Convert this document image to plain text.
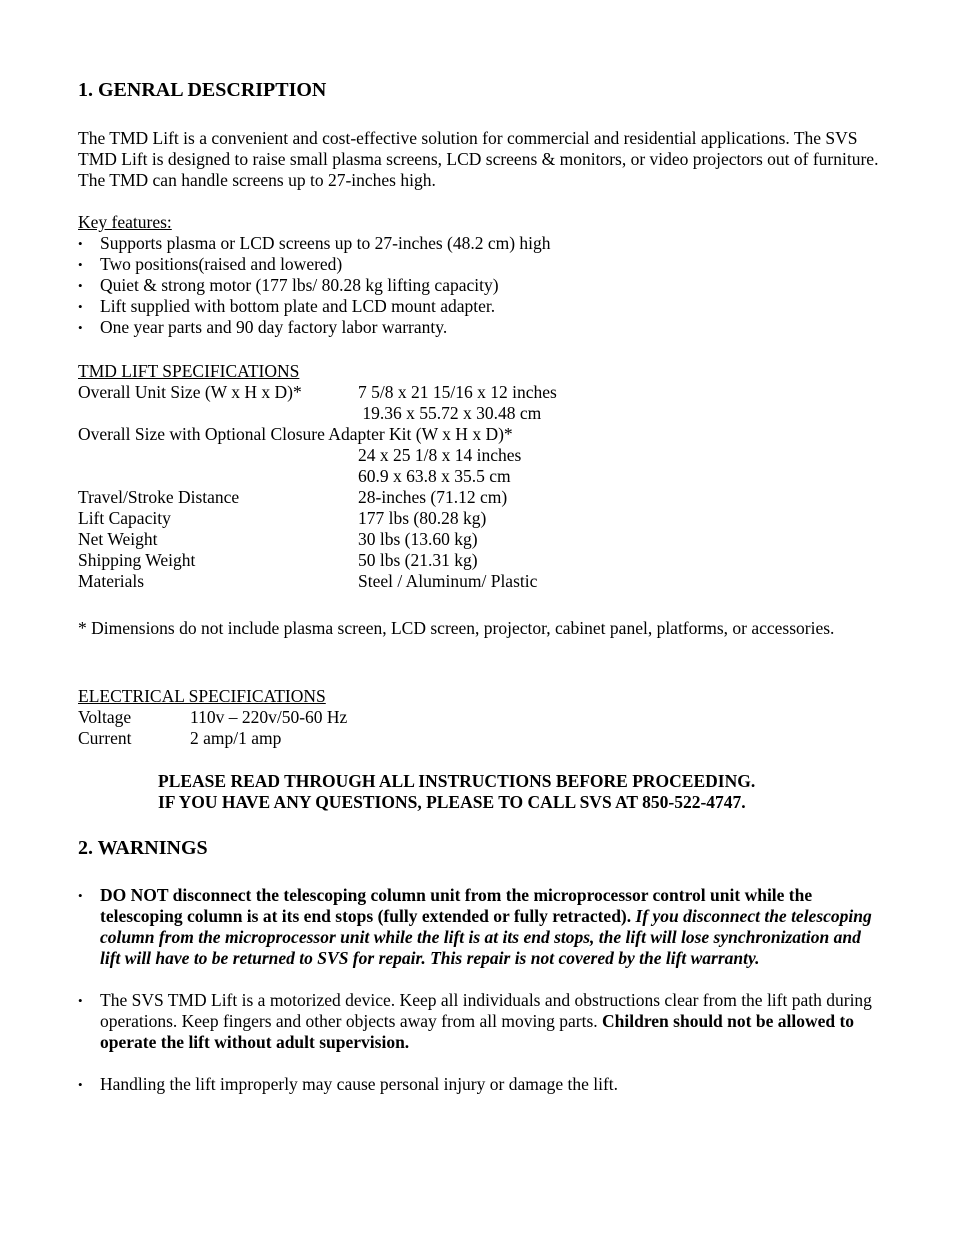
1. GENRAL DESCRIPTION

The TMD Lift is a convenient and cost-effective solution for commercial and residential applications. The SVS TMD Lift is designed to raise small plasma screens, LCD screens & monitors, or video projectors out of furniture. The TMD can handle screens up to 27-inches high.

Key features:

• Supports plasma or LCD screens up to 27-inches (48.2 cm) high
• Two positions(raised and lowered)
• Quiet & strong motor (177 lbs/ 80.28 kg lifting capacity)
• Lift supplied with bottom plate and LCD mount adapter.
• One year parts and 90 day factory labor warranty.

TMD LIFT SPECIFICATIONS

Overall Unit Size (W x H x D)*	7 5/8 x 21 15/16 x 12 inches
19.36 x 55.72 x 30.48 cm

Overall Size with Optional Closure Adapter Kit (W x H x D)*

24 x 25 1/8 x 14 inches
60.9 x 63.8 x 35.5 cm
Travel/Stroke Distance	28-inches (71.12 cm)
Lift Capacity	177 lbs (80.28 kg)
Net Weight	30 lbs (13.60 kg)
Shipping Weight	50 lbs (21.31 kg)
Materials	Steel / Aluminum/ Plastic

* Dimensions do not include plasma screen, LCD screen, projector, cabinet panel, platforms, or accessories.

ELECTRICAL SPECIFICATIONS

Voltage	110v – 220v/50-60 Hz
Current	2 amp/1 amp

PLEASE READ THROUGH ALL INSTRUCTIONS BEFORE PROCEEDING.

IF YOU HAVE ANY QUESTIONS, PLEASE TO CALL SVS AT 850-522-4747.

2. WARNINGS
• DO NOT disconnect the telescoping column unit from the microprocessor control unit while the telescoping column is at its end stops (fully extended or fully retracted). If you disconnect the telescoping column from the microprocessor unit while the lift is at its end stops, the lift will lose synchronization and lift will have to be returned to SVS for repair. This repair is not covered by the lift warranty.
• The SVS TMD Lift is a motorized device. Keep all individuals and obstructions clear from the lift path during operations. Keep fingers and other objects away from all moving parts. Children should not be allowed to operate the lift without adult supervision.
• Handling the lift improperly may cause personal injury or damage the lift.
